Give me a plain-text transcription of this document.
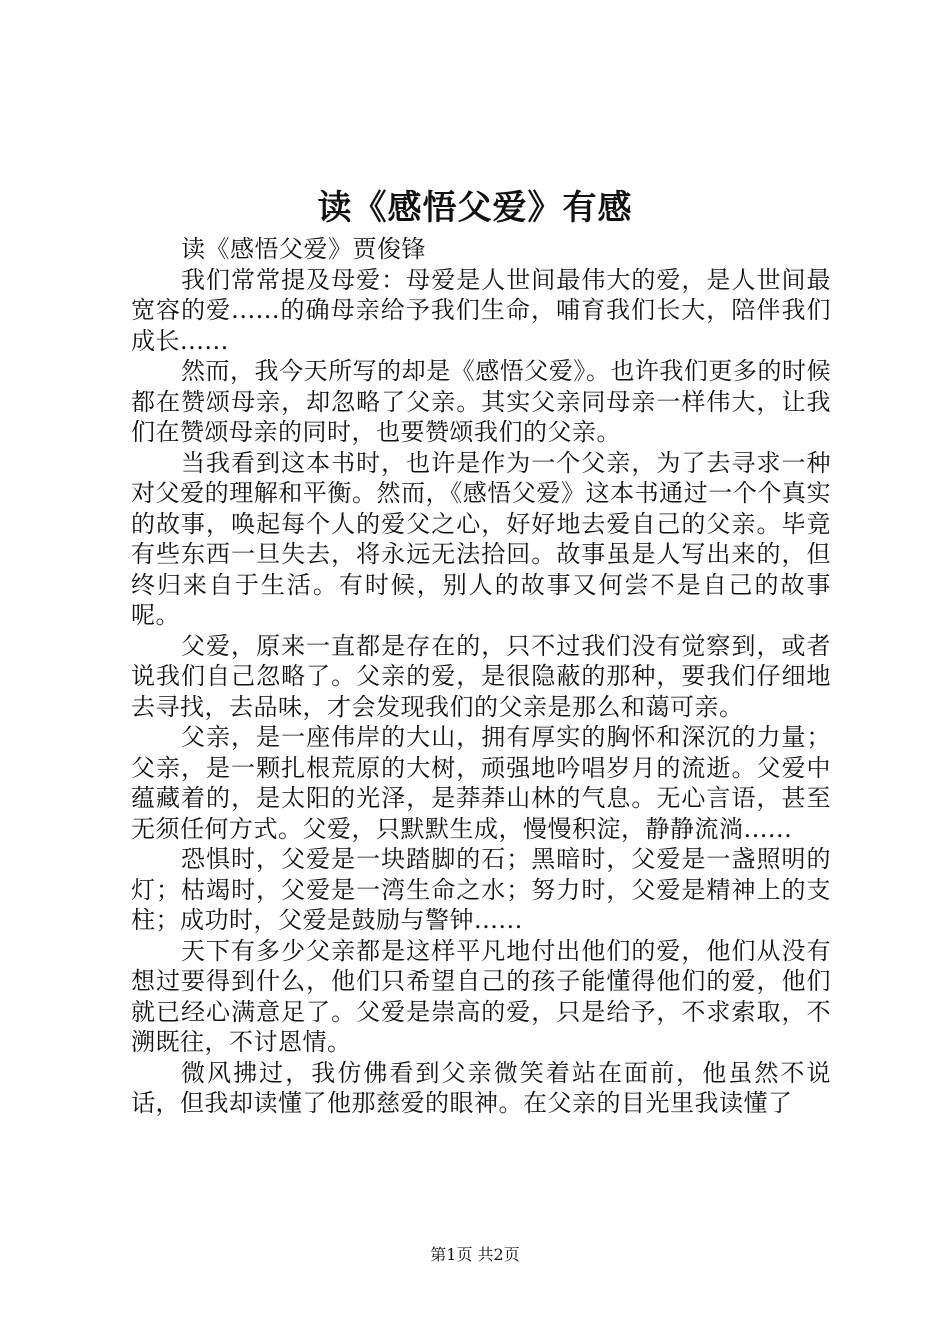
读《感悟父爱》有感

读《感悟父爱》贾俊锋

我们常常提及母爱：母爱是人世间最伟大的爱，是人世间最宽容的爱......的确母亲给予我们生命，哺育我们长大，陪伴我们成长......

然而，我今天所写的却是《感悟父爱》。也许我们更多的时候都在赞颂母亲，却忽略了父亲。其实父亲同母亲一样伟大，让我们在赞颂母亲的同时，也要赞颂我们的父亲。

当我看到这本书时，也许是作为一个父亲，为了去寻求一种对父爱的理解和平衡。然而，《感悟父爱》这本书通过一个个真实的故事，唤起每个人的爱父之心，好好地去爱自己的父亲。毕竟有些东西一旦失去，将永远无法拾回。故事虽是人写出来的，但终归来自于生活。有时候，别人的故事又何尝不是自己的故事呢。

父爱，原来一直都是存在的，只不过我们没有觉察到，或者说我们自己忽略了。父亲的爱，是很隐蔽的那种，要我们仔细地去寻找，去品味，才会发现我们的父亲是那么和蔼可亲。

父亲，是一座伟岸的大山，拥有厚实的胸怀和深沉的力量；父亲，是一颗扎根荒原的大树，顽强地吟唱岁月的流逝。父爱中蕴藏着的，是太阳的光泽，是莽莽山林的气息。无心言语，甚至无须任何方式。父爱，只默默生成，慢慢积淀，静静流淌......

恐惧时，父爱是一块踏脚的石；黑暗时，父爱是一盏照明的灯；枯竭时，父爱是一湾生命之水；努力时，父爱是精神上的支柱；成功时，父爱是鼓励与警钟......

天下有多少父亲都是这样平凡地付出他们的爱，他们从没有想过要得到什么，他们只希望自己的孩子能懂得他们的爱，他们就已经心满意足了。父爱是崇高的爱，只是给予，不求索取，不溯既往，不讨恩情。

微风拂过，我仿佛看到父亲微笑着站在面前，他虽然不说话，但我却读懂了他那慈爱的眼神。在父亲的目光里我读懂了

第1页 共2页
